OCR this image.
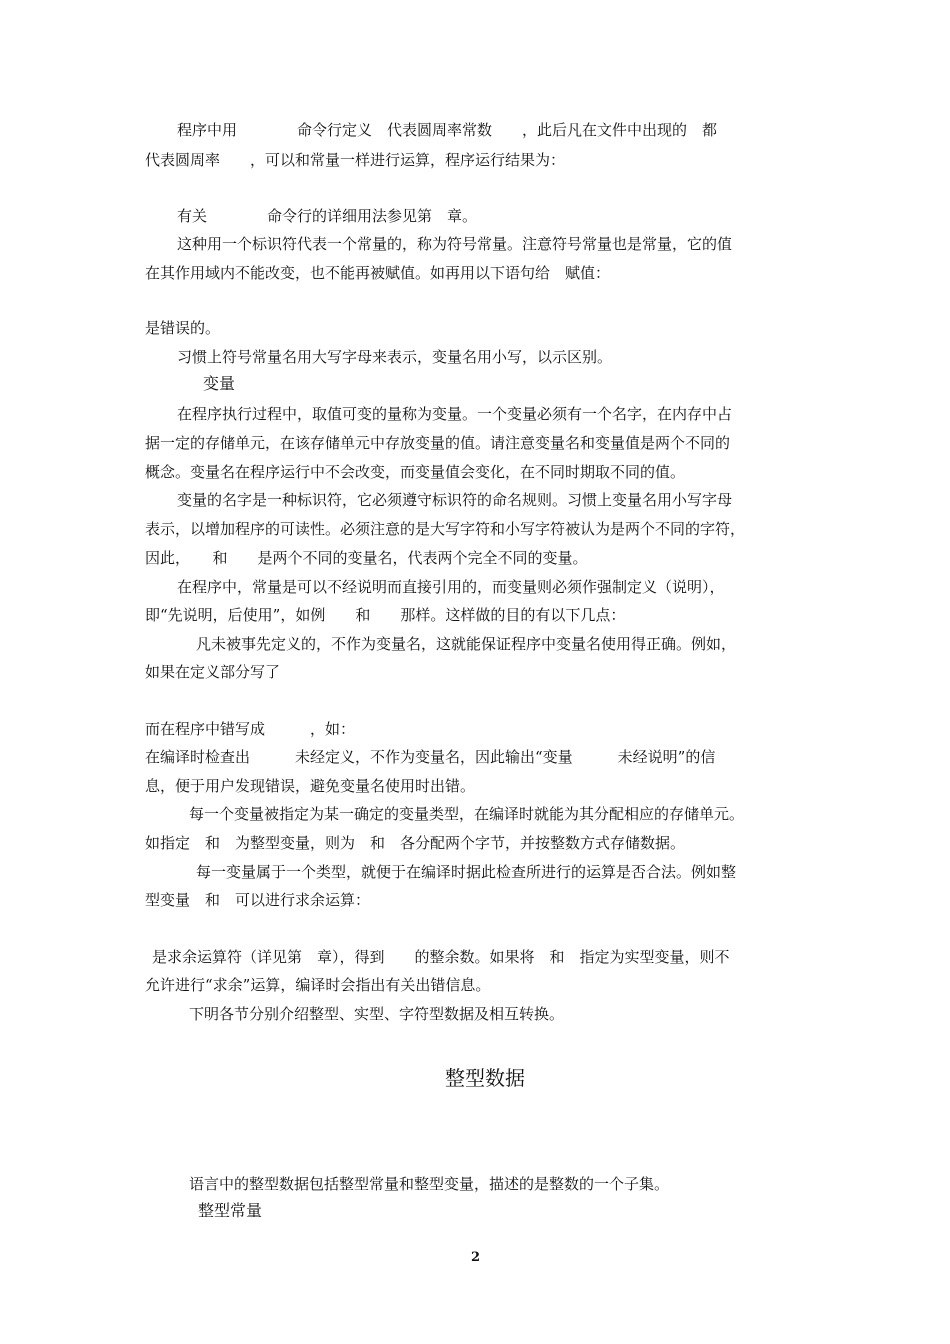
程序中用　　　　命令行定义　代表圆周率常数　　，此后凡在文件中出现的　都
代表圆周率　　，可以和常量一样进行运算，程序运行结果为：
有关　　　　命令行的详细用法参见第　章。
这种用一个标识符代表一个常量的，称为符号常量。注意符号常量也是常量，它的值
在其作用域内不能改变，也不能再被赋值。如再用以下语句给　赋值：
是错误的。
习惯上符号常量名用大写字母来表示，变量名用小写，以示区别。
变量
在程序执行过程中，取值可变的量称为变量。一个变量必须有一个名字，在内存中占
据一定的存储单元，在该存储单元中存放变量的值。请注意变量名和变量值是两个不同的
概念。变量名在程序运行中不会改变，而变量值会变化，在不同时期取不同的值。
变量的名字是一种标识符，它必须遵守标识符的命名规则。习惯上变量名用小写字母
表示，以增加程序的可读性。必须注意的是大写字符和小写字符被认为是两个不同的字符，
因此，　　和　　是两个不同的变量名，代表两个完全不同的变量。
在程序中，常量是可以不经说明而直接引用的，而变量则必须作强制定义（说明），
即“先说明，后使用”，如例　　和　　那样。这样做的目的有以下几点：
凡未被事先定义的，不作为变量名，这就能保证程序中变量名使用得正确。例如，
如果在定义部分写了
而在程序中错写成　　　，如：
在编译时检查出　　　未经定义，不作为变量名，因此输出“变量　　　未经说明”的信
息，便于用户发现错误，避免变量名使用时出错。
每一个变量被指定为某一确定的变量类型，在编译时就能为其分配相应的存储单元。
如指定　和　为整型变量，则为　和　各分配两个字节，并按整数方式存储数据。
每一变量属于一个类型，就便于在编译时据此检查所进行的运算是否合法。例如整
型变量　和　可以进行求余运算：
是求余运算符（详见第　章），得到　　的整余数。如果将　和　指定为实型变量，则不
允许进行“求余”运算，编译时会指出有关出错信息。
下明各节分别介绍整型、实型、字符型数据及相互转换。
整型数据
语言中的整型数据包括整型常量和整型变量，描述的是整数的一个子集。
整型常量
2
